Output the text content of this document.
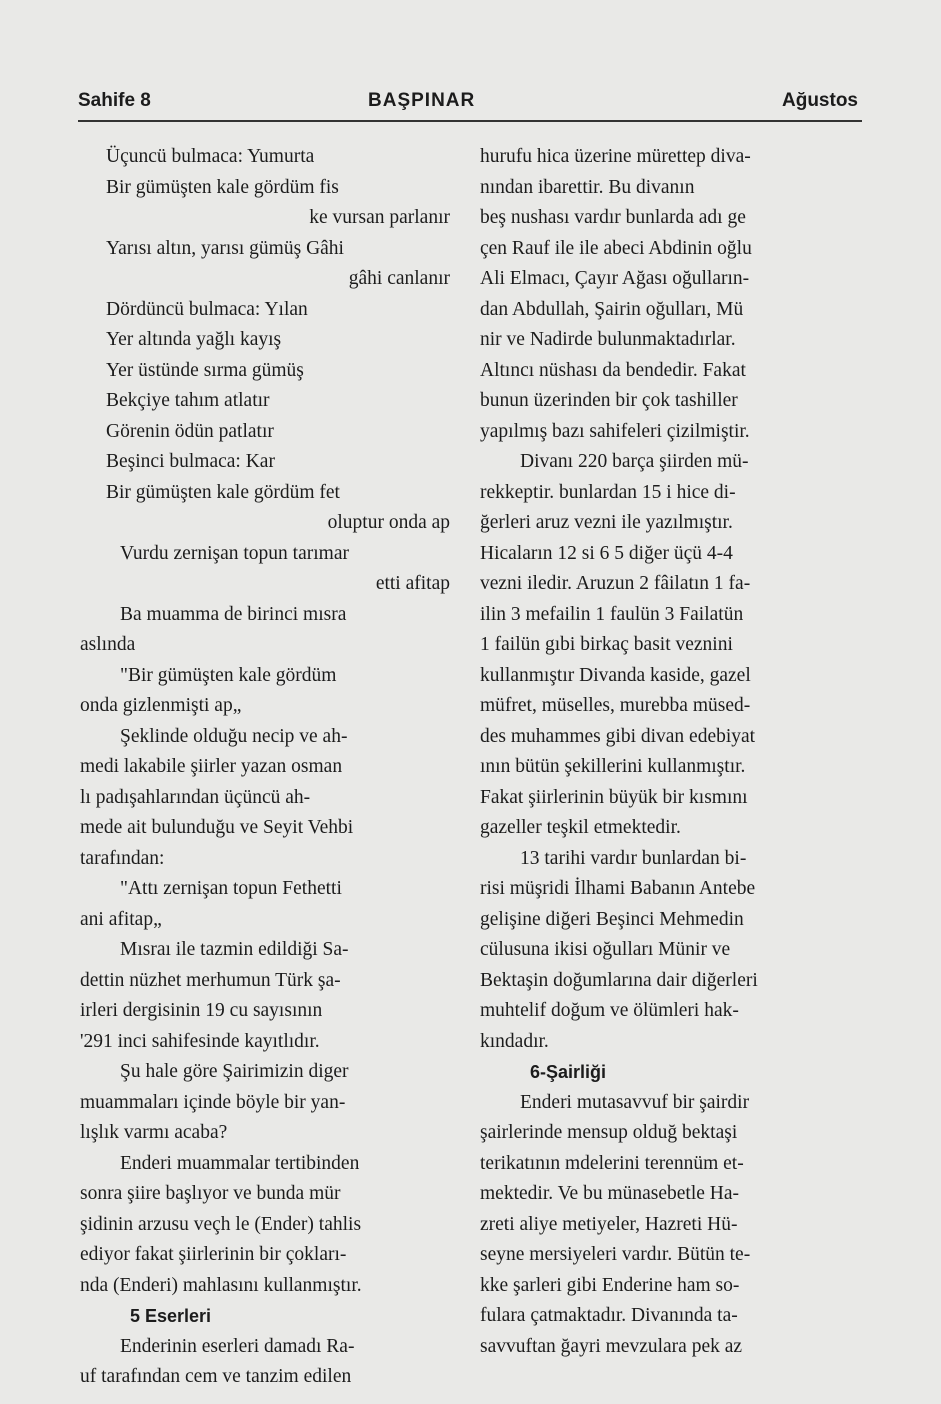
Sahife 8	BAŞPINAR	Ağustos
Üçuncü bulmaca: Yumurta
Bir gümüşten kale gördüm fis
ke vursan parlanır
Yarısı altın, yarısı gümüş Gâhi
gâhi canlanır
Dördüncü bulmaca: Yılan
Yer altında yağlı kayış
Yer üstünde sırma gümüş
Bekçiye tahım atlatır
Görenin ödün patlatır
Beşinci bulmaca: Kar
Bir gümüşten kale gördüm fet
oluptur onda ap
Vurdu zernişan topun tarımar
etti afitap
Ba muamma de birinci mısra
aslında
"Bir gümüşten kale gördüm
onda gizlenmişti ap„
Şeklinde olduğu necip ve ah-
medi lakabile şiirler yazan osman
lı padışahlarından üçüncü ah-
mede ait bulunduğu ve Seyit Vehbi
tarafından:
"Attı zernişan topun Fethetti
ani afitap„
Mısraı ile tazmin edildiği Sa-
dettin nüzhet merhumun Türk şa-
irleri dergisinin 19 cu sayısının
'291 inci sahifesinde kayıtlıdır.
Şu hale göre Şairimizin diger
muammaları içinde böyle bir yan-
lışlık varmı acaba?
Enderi muammalar tertibinden
sonra şiire başlıyor ve bunda mür
şidinin arzusu veçh le (Ender) tahlis
ediyor fakat şiirlerinin bir çokları-
nda (Enderi) mahlasını kullanmıştır.
5 Eserleri
Enderinin eserleri damadı Ra-
uf tarafından cem ve tanzim edilen
hurufu hica üzerine mürettep diva-
nından ibarettir. Bu divanın
beş nushası vardır bunlarda adı ge
çen Rauf ile ile abeci Abdinin oğlu
Ali Elmacı, Çayır Ağası oğulların-
dan Abdullah, Şairin oğulları, Mü
nir ve Nadirde bulunmaktadırlar.
Altıncı nüshası da bendedir. Fakat
bunun üzerinden bir çok tashiller
yapılmış bazı sahifeleri çizilmiştir.
Divanı 220 barça şiirden mü-
rekkeptir. bunlardan 15 i hice di-
ğerleri aruz vezni ile yazılmıştır.
Hicaların 12 si 6 5 diğer üçü 4-4
vezni iledir. Aruzun 2 fâilatın 1 fa-
ilin 3 mefailin 1 faulün 3 Failatün
1 failün gıbi birkaç basit veznini
kullanmıştır Divanda kaside, gazel
müfret, müselles, murebba müsed-
des muhammes gibi divan edebiyat
ının bütün şekillerini kullanmıştır.
Fakat şiirlerinin büyük bir kısmını
gazeller teşkil etmektedir.
13 tarihi vardır bunlardan bi-
risi müşridi İlhami Babanın Antebe
gelişine diğeri Beşinci Mehmedin
cülusuna ikisi oğulları Münir ve
Bektaşin doğumlarına dair diğerleri
muhtelif doğum ve ölümleri hak-
kındadır.
6-Şairliği
Enderi mutasavvuf bir şairdir
şairlerinde mensup olduğ bektaşi
terikatının mdelerini terennüm et-
mektedir. Ve bu münasebetle Ha-
zreti aliye metiyeler, Hazreti Hü-
seyne mersiyeleri vardır. Bütün te-
kke şarleri gibi Enderine ham so-
fulara çatmaktadır. Divanında ta-
savvuftan ğayri mevzulara pek az
